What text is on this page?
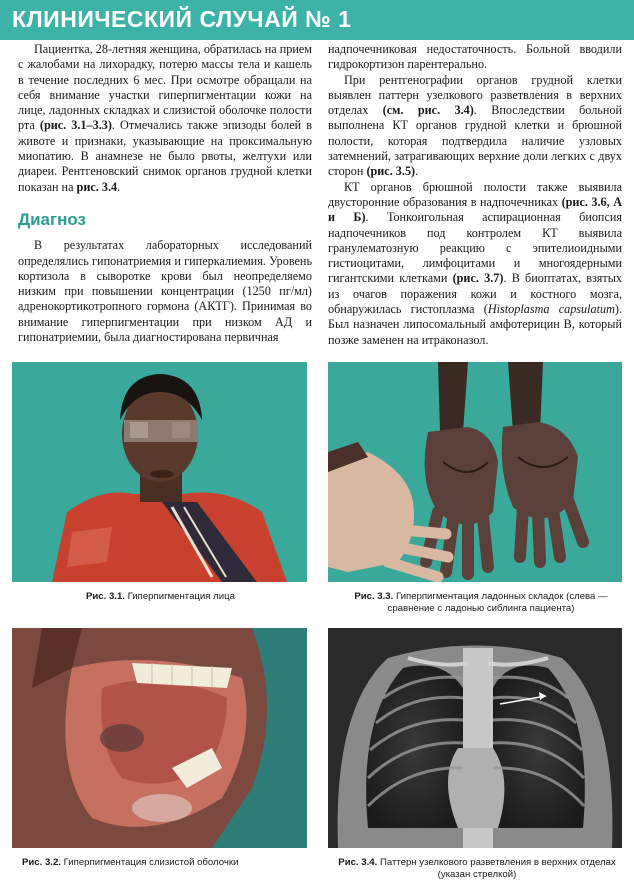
КЛИНИЧЕСКИЙ СЛУЧАЙ № 1

Пациентка, 28-летняя женщина, обратилась на прием с жалобами на лихорадку, потерю массы тела и кашель в течение последних 6 мес. При осмотре обращали на себя внимание участки гиперпигментации кожи на лице, ладонных складках и слизистой оболочке полости рта (рис. 3.1–3.3). Отмечались также эпизоды болей в животе и признаки, указывающие на проксимальную миопатию. В анамнезе не было рвоты, желтухи или диареи. Рентгеновский снимок органов грудной клетки показан на рис. 3.4.

Диагноз

В результатах лабораторных исследований определялись гипонатриемия и гиперкалиемия. Уровень кортизола в сыворотке крови был неопределяемо низким при повышении концентрации (1250 пг/мл) адренокортикотропного гормона (АКТГ). Принимая во внимание гиперпигментации при низком АД и гипонатриемии, была диагностирована первичная

надпочечниковая недостаточность. Больной вводили гидрокортизон парентерально.

При рентгенографии органов грудной клетки выявлен паттерн узелкового разветвления в верхних отделах (см. рис. 3.4). Впоследствии больной выполнена КТ органов грудной клетки и брюшной полости, которая подтвердила наличие узловых затемнений, затрагивающих верхние доли легких с двух сторон (рис. 3.5).

КТ органов брюшной полости также выявила двусторонние образования в надпочечниках (рис. 3.6, А и Б). Тонкоигольная аспирационная биопсия надпочечников под контролем КТ выявила гранулематозную реакцию с эпителиоидными гистиоцитами, лимфоцитами и многоядерными гигантскими клетками (рис. 3.7). В биоптатах, взятых из очагов поражения кожи и костного мозга, обнаружилась гистоплазма (Histoplasma capsulatum). Был назначен липосомальный амфотерицин B, который позже заменен на итраконазол.

Рис. 3.1. Гиперпигментация лица	Рис. 3.3. Гиперпигментация ладонных складок (слева — сравнение с ладонью сиблинга пациента)
Рис. 3.2. Гиперпигментация слизистой оболочки	Рис. 3.4. Паттерн узелкового разветвления в верхних отделах (указан стрелкой)
